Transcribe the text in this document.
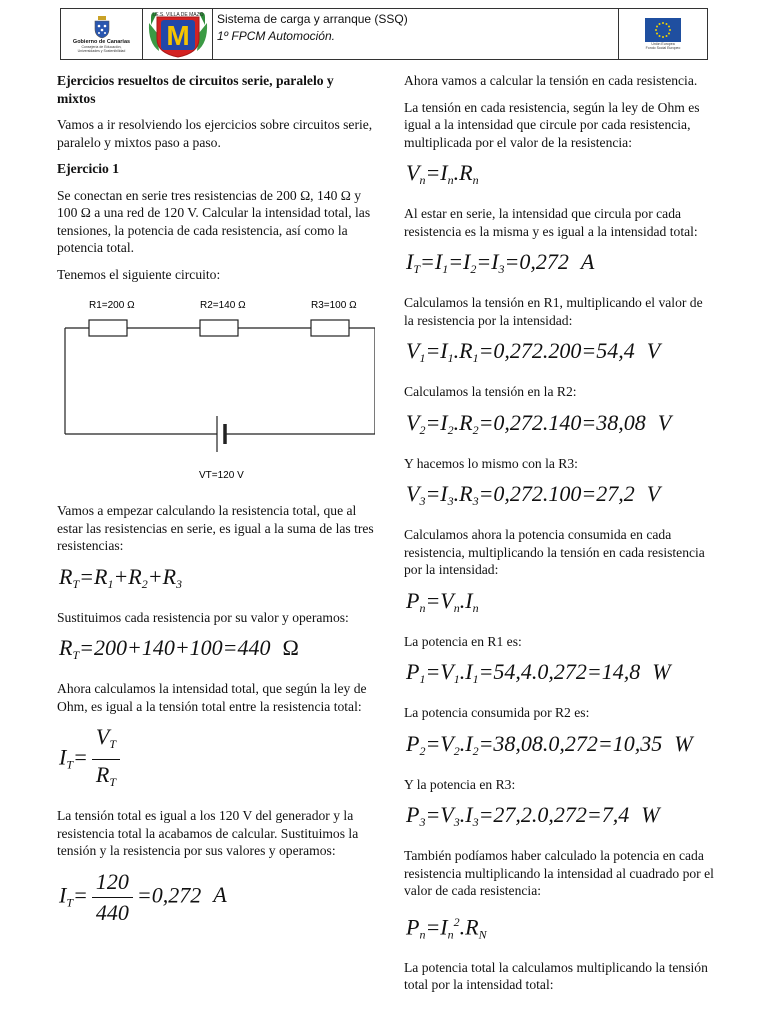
Gobierno de Canarias
Consejería de Educación,
Universidades y Sostenibilidad M
I.E.S. VILLA DE MAZO Sistema de carga y arranque (SSQ)
1º FPCM Automoción.
Unión Europea
Fondo Social Europeo
Ejercicios resueltos de circuitos serie, paralelo y mixtos

Vamos a ir resolviendo los ejercicios sobre circuitos serie, paralelo y mixtos paso a paso.

Ejercicio 1

Se conectan en serie tres resistencias de 200 Ω, 140 Ω y 100 Ω a una red de 120 V. Calcular la intensidad total, las tensiones, la potencia de cada resistencia, así como la potencia total.

Tenemos el siguiente circuito:

R1=200 Ω	R2=140 Ω	R3=100 Ω
VT=120 V

Vamos a empezar calculando la resistencia total, que al estar las resistencias en serie, es igual a la suma de las tres resistencias:

$R_T=R_1+R_2+R_3$

Sustituimos cada resistencia por su valor y operamos:

$R_T=200+140+100=440$ Ω

Ahora calculamos la intensidad total, que según la ley de Ohm, es igual a la tensión total entre la resistencia total:

$I_T= \frac{V_T}{R_T}$

La tensión total es igual a los 120 V del generador y la resistencia total la acabamos de calcular. Sustituimos la tensión y la resistencia por sus valores y operamos:

$I_T= \frac{120}{440} =0,272$ A

Ahora vamos a calcular la tensión en cada resistencia.

La tensión en cada resistencia, según la ley de Ohm es igual a la intensidad que circule por cada resistencia, multiplicada por el valor de la resistencia:

$V_n=I_n.R_n$

Al estar en serie, la intensidad que circula por cada resistencia es la misma y es igual a la intensidad total:

$I_T=I_1=I_2=I_3=0,272$ A

Calculamos la tensión en R1, multiplicando el valor de la resistencia por la intensidad:

$V_1=I_1.R_1=0,272.200=54,4$ V

Calculamos la tensión en la R2:

$V_2=I_2.R_2=0,272.140=38,08$ V

Y hacemos lo mismo con la R3:

$V_3=I_3.R_3=0,272.100=27,2$ V

Calculamos ahora la potencia consumida en cada resistencia, multiplicando la tensión en cada resistencia por la intensidad:

$P_n=V_n.I_n$

La potencia en R1 es:

$P_1=V_1.I_1=54,4.0,272=14,8$ W

La potencia consumida por R2 es:

$P_2=V_2.I_2=38,08.0,272=10,35$ W

Y la potencia en R3:

$P_3=V_3.I_3=27,2.0,272=7,4$ W

También podíamos haber calculado la potencia en cada resistencia multiplicando la intensidad al cuadrado por el valor de cada resistencia:

$P_n=I_n^2.R_N$

La potencia total la calculamos multiplicando la tensión total por la intensidad total:
